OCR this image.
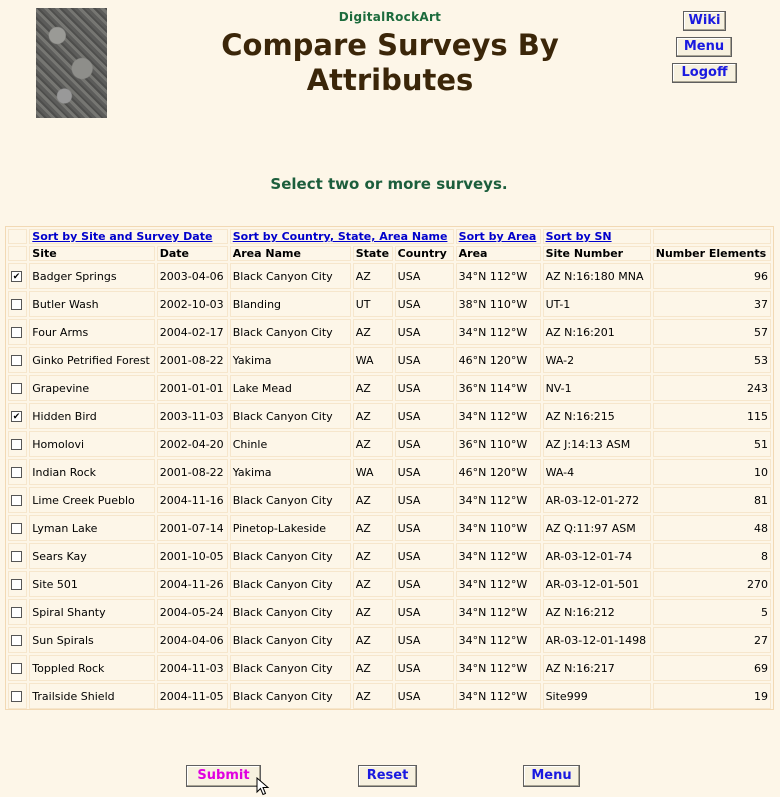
DigitalRockArt
Compare Surveys By Attributes
Wiki
Menu
Logoff
Select two or more surveys.
	Sort by Site and Survey Date		Sort by Country, State, Area Name			Sort by Area	Sort by SN	
	Site	Date	Area Name	State	Country	Area	Site Number	Number Elements
✔	Badger Springs	2003-04-06	Black Canyon City	AZ	USA	34°N 112°W	AZ N:16:180 MNA	96
	Butler Wash	2002-10-03	Blanding	UT	USA	38°N 110°W	UT-1	37
	Four Arms	2004-02-17	Black Canyon City	AZ	USA	34°N 112°W	AZ N:16:201	57
	Ginko Petrified Forest	2001-08-22	Yakima	WA	USA	46°N 120°W	WA-2	53
	Grapevine	2001-01-01	Lake Mead	AZ	USA	36°N 114°W	NV-1	243
✔	Hidden Bird	2003-11-03	Black Canyon City	AZ	USA	34°N 112°W	AZ N:16:215	115
	Homolovi	2002-04-20	Chinle	AZ	USA	36°N 110°W	AZ J:14:13 ASM	51
	Indian Rock	2001-08-22	Yakima	WA	USA	46°N 120°W	WA-4	10
	Lime Creek Pueblo	2004-11-16	Black Canyon City	AZ	USA	34°N 112°W	AR-03-12-01-272	81
	Lyman Lake	2001-07-14	Pinetop-Lakeside	AZ	USA	34°N 110°W	AZ Q:11:97 ASM	48
	Sears Kay	2001-10-05	Black Canyon City	AZ	USA	34°N 112°W	AR-03-12-01-74	8
	Site 501	2004-11-26	Black Canyon City	AZ	USA	34°N 112°W	AR-03-12-01-501	270
	Spiral Shanty	2004-05-24	Black Canyon City	AZ	USA	34°N 112°W	AZ N:16:212	5
	Sun Spirals	2004-04-06	Black Canyon City	AZ	USA	34°N 112°W	AR-03-12-01-1498	27
	Toppled Rock	2004-11-03	Black Canyon City	AZ	USA	34°N 112°W	AZ N:16:217	69
	Trailside Shield	2004-11-05	Black Canyon City	AZ	USA	34°N 112°W	Site999	19
Submit	Reset	Menu
